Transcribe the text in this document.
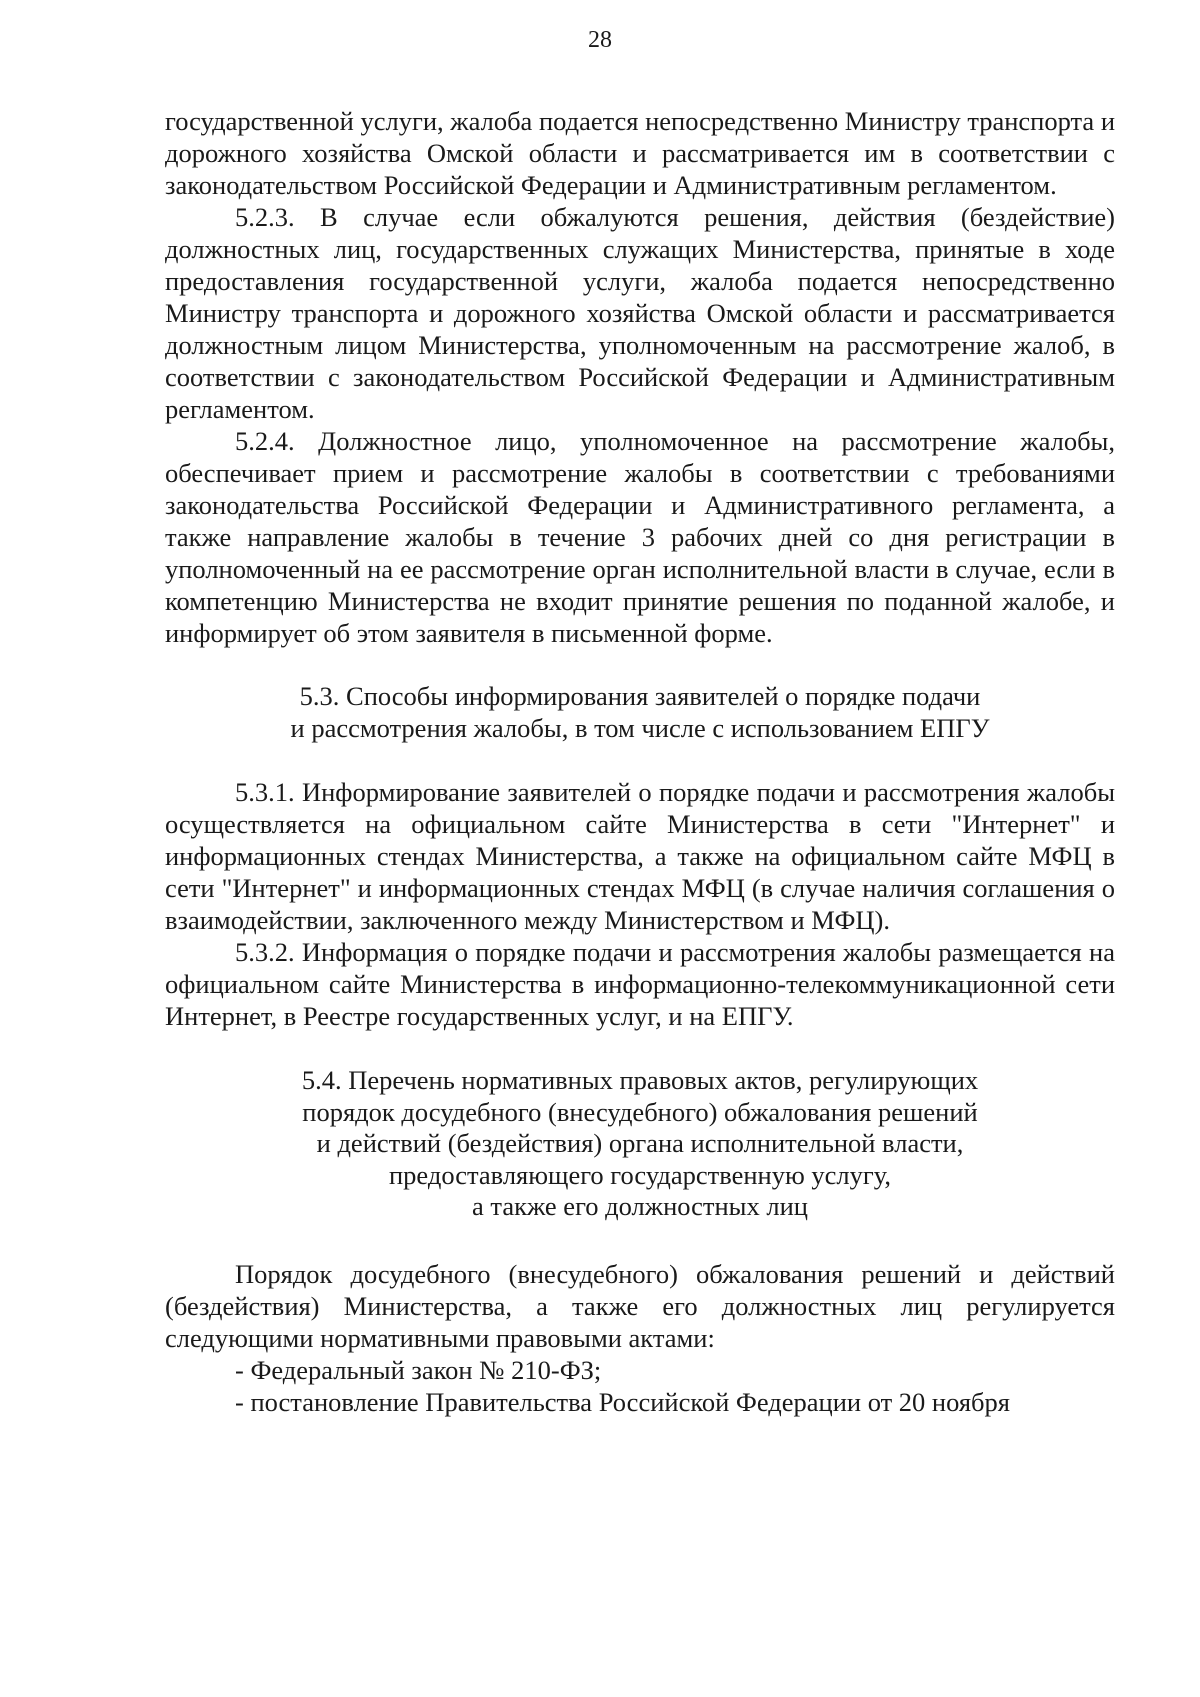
28

государственной услуги, жалоба подается непосредственно Министру транспорта и дорожного хозяйства Омской области и рассматривается им в соответствии с законодательством Российской Федерации и Административным регламентом.

5.2.3. В случае если обжалуются решения, действия (бездействие) должностных лиц, государственных служащих Министерства, принятые в ходе предоставления государственной услуги, жалоба подается непосредственно Министру транспорта и дорожного хозяйства Омской области и рассматривается должностным лицом Министерства, уполномоченным на рассмотрение жалоб, в соответствии с законодательством Российской Федерации и Административным регламентом.

5.2.4. Должностное лицо, уполномоченное на рассмотрение жалобы, обеспечивает прием и рассмотрение жалобы в соответствии с требованиями законодательства Российской Федерации и Административного регламента, а также направление жалобы в течение 3 рабочих дней со дня регистрации в уполномоченный на ее рассмотрение орган исполнительной власти в случае, если в компетенцию Министерства не входит принятие решения по поданной жалобе, и информирует об этом заявителя в письменной форме.

5.3. Способы информирования заявителей о порядке подачи
и рассмотрения жалобы, в том числе с использованием ЕПГУ

5.3.1. Информирование заявителей о порядке подачи и рассмотрения жалобы осуществляется на официальном сайте Министерства в сети "Интернет" и информационных стендах Министерства, а также на официальном сайте МФЦ в сети "Интернет" и информационных стендах МФЦ (в случае наличия соглашения о взаимодействии, заключенного между Министерством и МФЦ).

5.3.2. Информация о порядке подачи и рассмотрения жалобы размещается на официальном сайте Министерства в информационно-телекоммуникационной сети Интернет, в Реестре государственных услуг, и на ЕПГУ.

5.4. Перечень нормативных правовых актов, регулирующих
порядок досудебного (внесудебного) обжалования решений
и действий (бездействия) органа исполнительной власти,
предоставляющего государственную услугу,
а также его должностных лиц

Порядок досудебного (внесудебного) обжалования решений и действий (бездействия) Министерства, а также его должностных лиц регулируется следующими нормативными правовыми актами:

- Федеральный закон № 210-ФЗ;

- постановление Правительства Российской Федерации от 20 ноября
